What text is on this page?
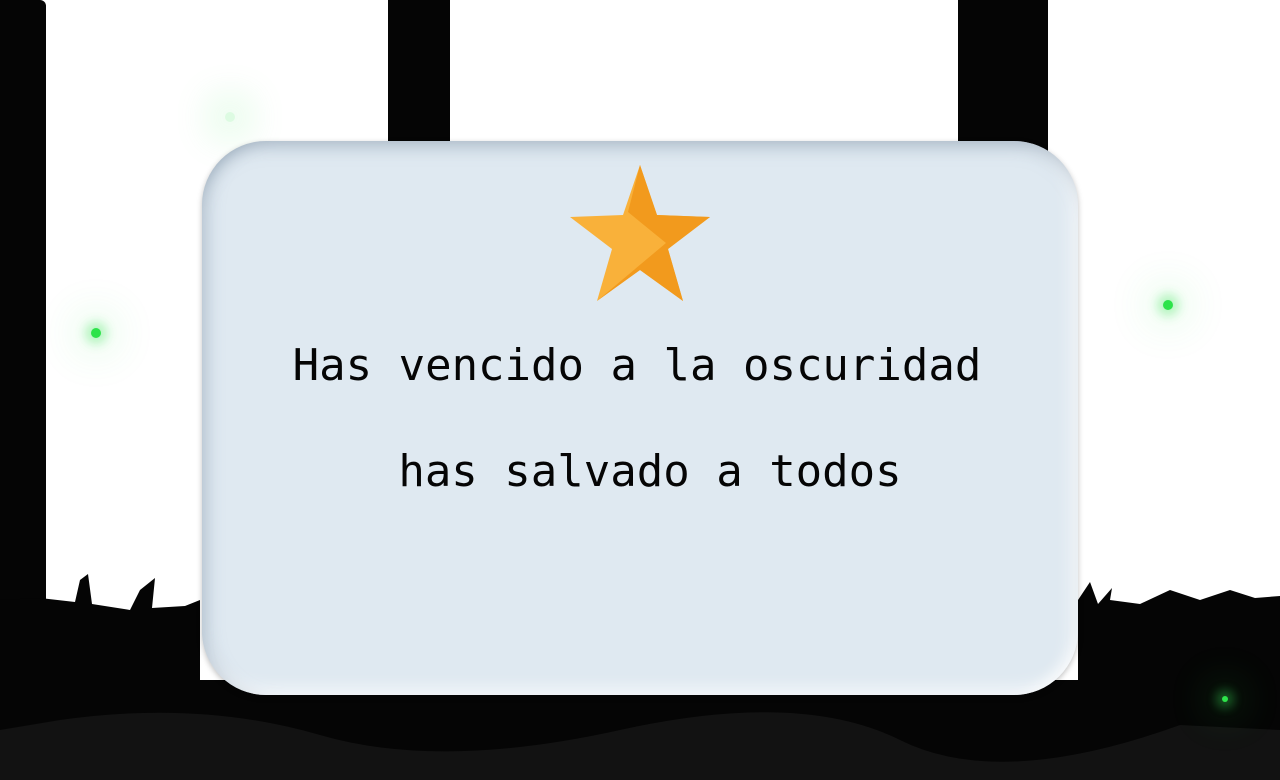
Has vencido a la oscuridad
has salvado a todos
